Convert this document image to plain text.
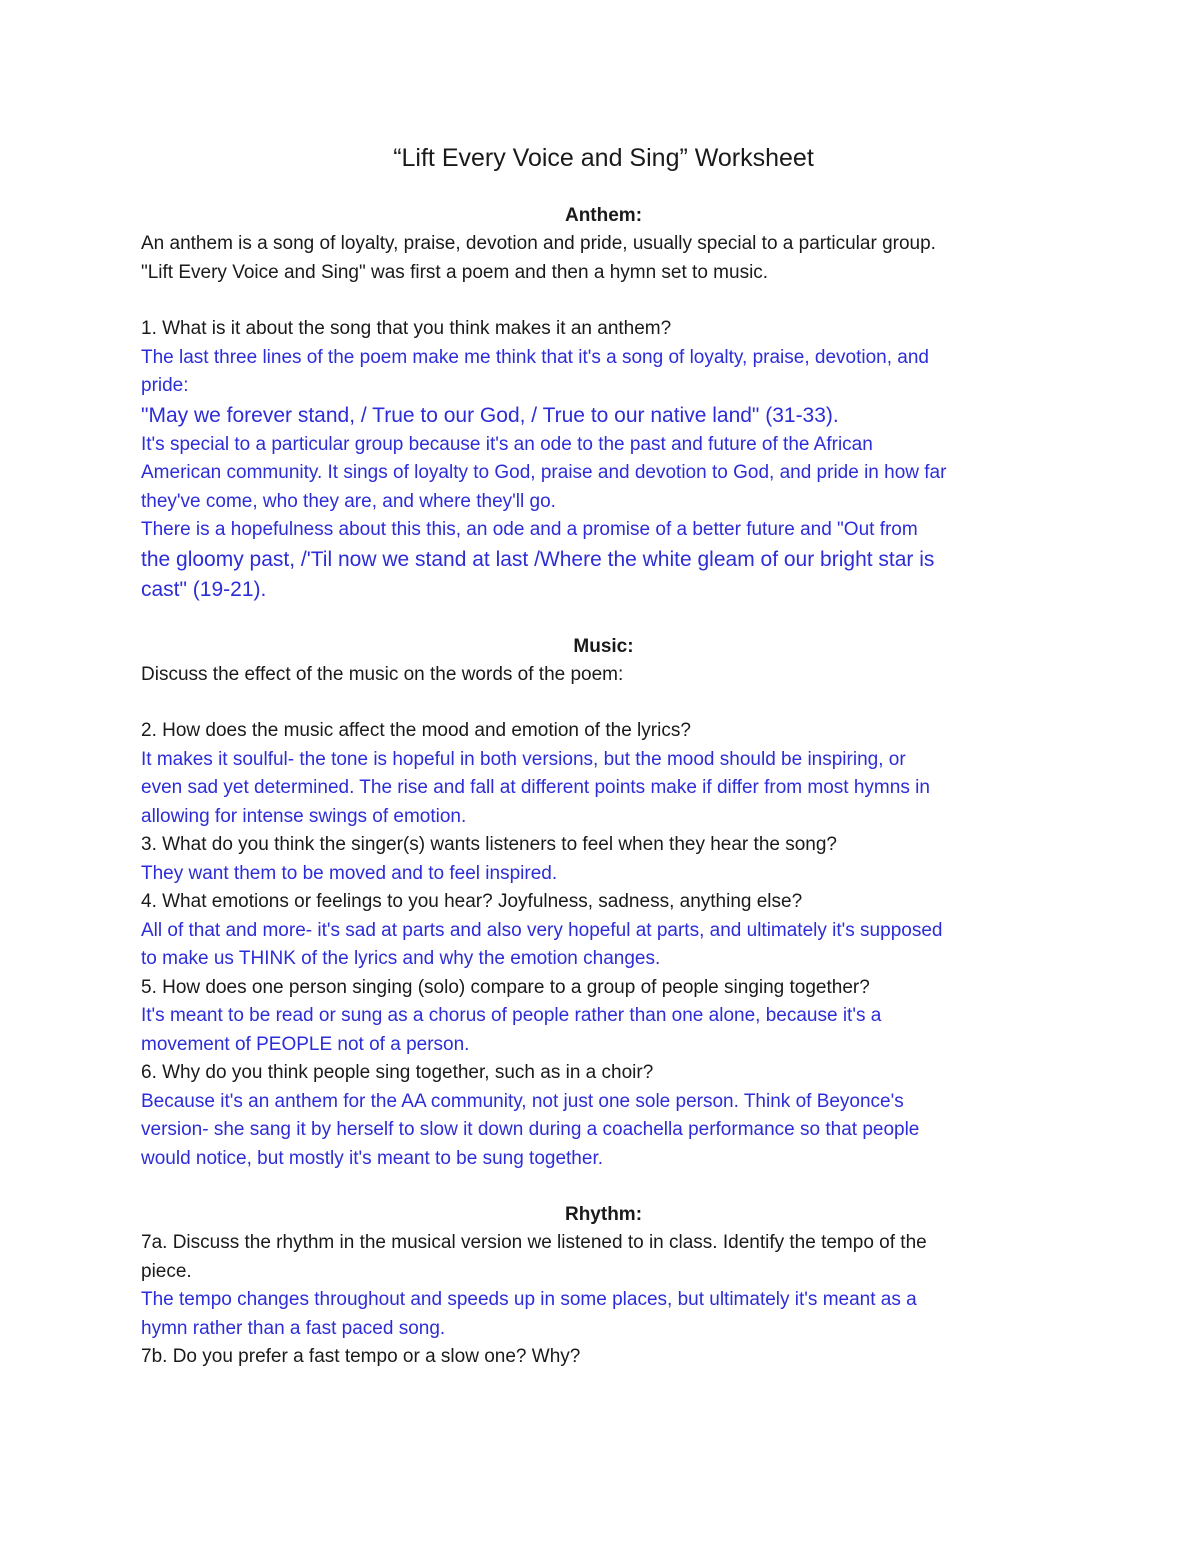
“Lift Every Voice and Sing” Worksheet
Anthem:

An anthem is a song of loyalty, praise, devotion and pride, usually special to a particular group.

"Lift Every Voice and Sing" was first a poem and then a hymn set to music.

1. What is it about the song that you think makes it an anthem?

The last three lines of the poem make me think that it's a song of loyalty, praise, devotion, and

pride:

"May we forever stand, / True to our God, / True to our native land" (31-33).

It's special to a particular group because it's an ode to the past and future of the African

American community. It sings of loyalty to God, praise and devotion to God, and pride in how far

they've come, who they are, and where they'll go.

There is a hopefulness about this this, an ode and a promise of a better future and "Out from

the gloomy past, /'Til now we stand at last /Where the white gleam of our bright star is

cast" (19-21).

Music:

Discuss the effect of the music on the words of the poem:

2. How does the music affect the mood and emotion of the lyrics?

It makes it soulful- the tone is hopeful in both versions, but the mood should be inspiring, or

even sad yet determined. The rise and fall at different points make if differ from most hymns in

allowing for intense swings of emotion.

3. What do you think the singer(s) wants listeners to feel when they hear the song?

They want them to be moved and to feel inspired.

4. What emotions or feelings to you hear? Joyfulness, sadness, anything else?

All of that and more- it's sad at parts and also very hopeful at parts, and ultimately it's supposed

to make us THINK of the lyrics and why the emotion changes.

5. How does one person singing (solo) compare to a group of people singing together?

It's meant to be read or sung as a chorus of people rather than one alone, because it's a

movement of PEOPLE not of a person.

6. Why do you think people sing together, such as in a choir?

Because it's an anthem for the AA community, not just one sole person. Think of Beyonce's

version- she sang it by herself to slow it down during a coachella performance so that people

would notice, but mostly it's meant to be sung together.

Rhythm:

7a. Discuss the rhythm in the musical version we listened to in class. Identify the tempo of the

piece.

The tempo changes throughout and speeds up in some places, but ultimately it's meant as a

hymn rather than a fast paced song.

7b. Do you prefer a fast tempo or a slow one? Why?
